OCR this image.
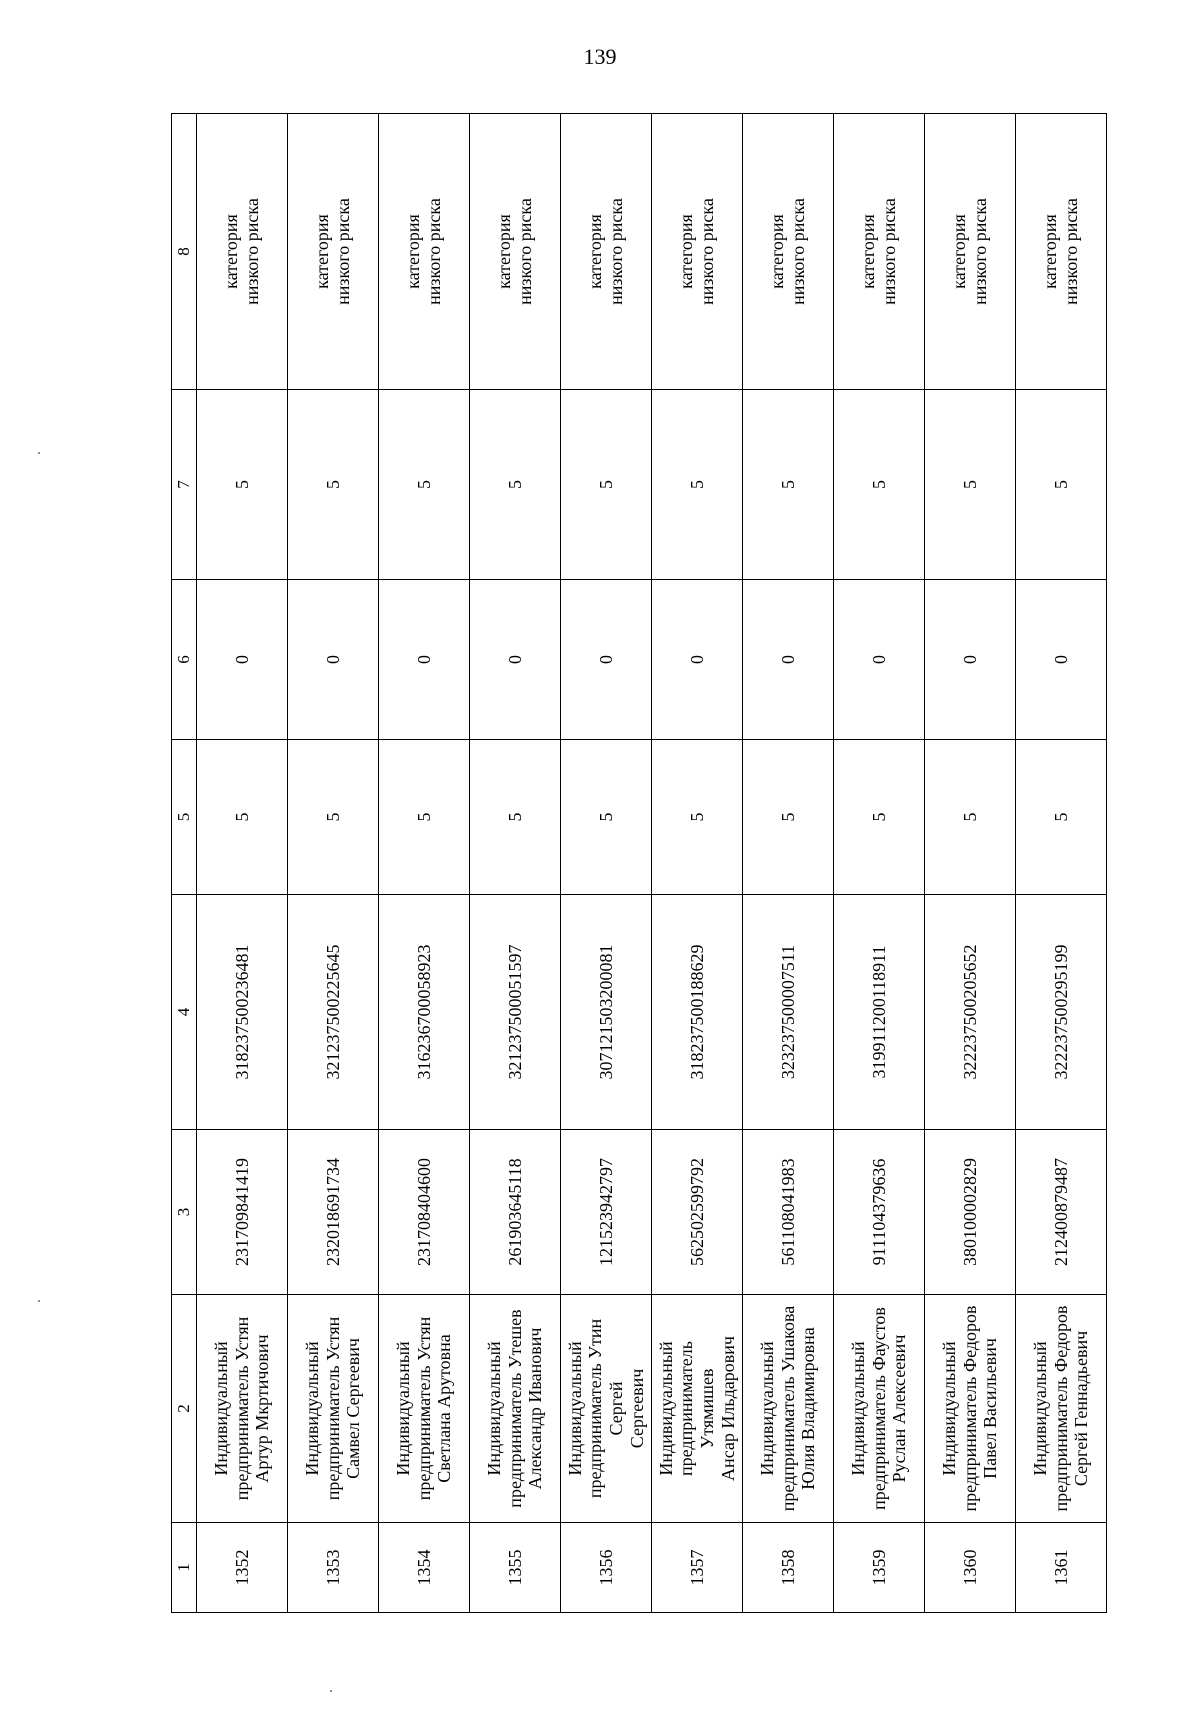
139
1	2	3	4	5	6	7	8
1352	Индивидуальный
предприниматель Устян
Артур Мкртичович	231709841419	318237500236481	5	0	5	категория
низкого риска
1353	Индивидуальный
предприниматель Устян
Самвел Сергеевич	232018691734	321237500225645	5	0	5	категория
низкого риска
1354	Индивидуальный
предприниматель Устян
Светлана Арутовна	231708404600	316236700058923	5	0	5	категория
низкого риска
1355	Индивидуальный
предприниматель Утешев
Александр Иванович	261903645118	321237500051597	5	0	5	категория
низкого риска
1356	Индивидуальный
предприниматель Утин Сергей
Сергеевич	121523942797	307121503200081	5	0	5	категория
низкого риска
1357	Индивидуальный
предприниматель Утямишев
Ансар Ильдарович	562502599792	318237500188629	5	0	5	категория
низкого риска
1358	Индивидуальный
предприниматель Ушакова
Юлия Владимировна	561108041983	323237500007511	5	0	5	категория
низкого риска
1359	Индивидуальный
предприниматель Фаустов
Руслан Алексеевич	911104379636	319911200118911	5	0	5	категория
низкого риска
1360	Индивидуальный
предприниматель Федоров
Павел Васильевич	380100002829	322237500205652	5	0	5	категория
низкого риска
1361	Индивидуальный
предприниматель Федоров
Сергей Геннадьевич	212400879487	322237500295199	5	0	5	категория
низкого риска
